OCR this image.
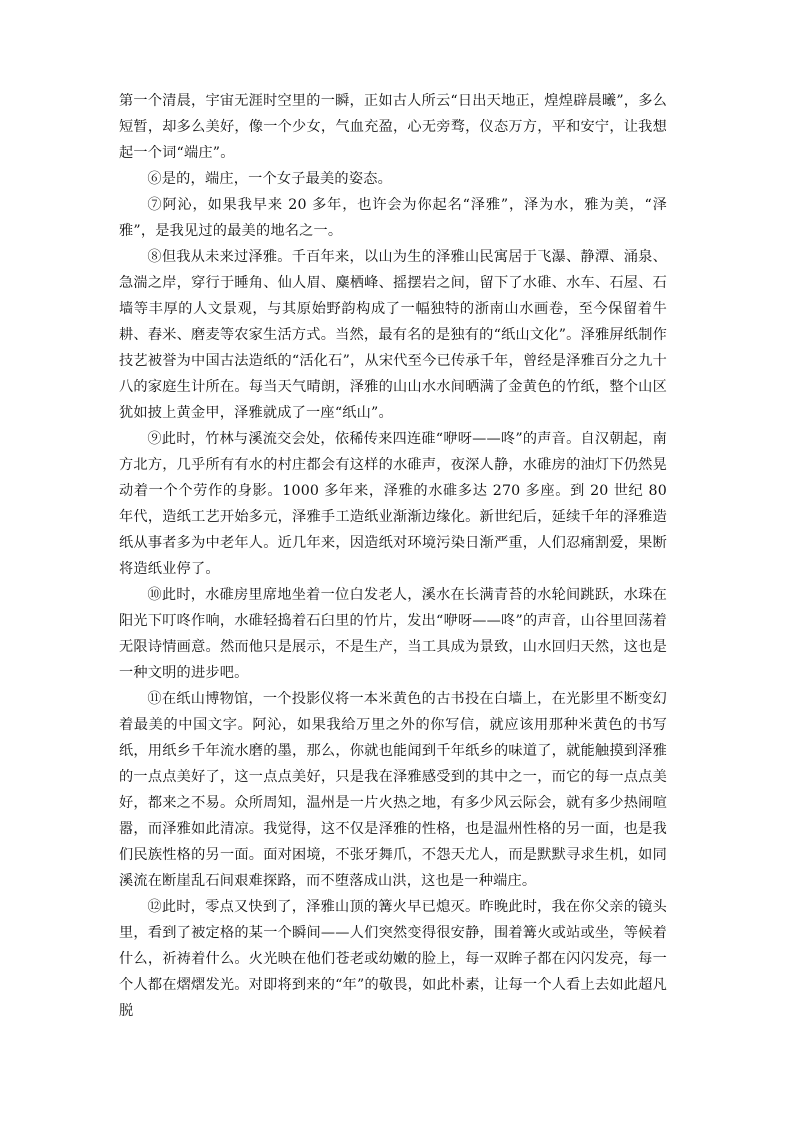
第一个清晨，宇宙无涯时空里的一瞬，正如古人所云“日出天地正，煌煌辟晨曦”，多么短暂，却多么美好，像一个少女，气血充盈，心无旁骛，仪态万方，平和安宁，让我想起一个词“端庄”。

⑥是的，端庄，一个女子最美的姿态。

⑦阿沁，如果我早来 20 多年，也许会为你起名“泽雅”，泽为水，雅为美，“泽雅”，是我见过的最美的地名之一。

⑧但我从未来过泽雅。千百年来，以山为生的泽雅山民寓居于飞瀑、静潭、涌泉、急湍之岸，穿行于睡角、仙人眉、麋栖峰、摇摆岩之间，留下了水碓、水车、石屋、石墙等丰厚的人文景观，与其原始野韵构成了一幅独特的浙南山水画卷，至今保留着牛耕、舂米、磨麦等农家生活方式。当然，最有名的是独有的“纸山文化”。泽雅屏纸制作技艺被誉为中国古法造纸的“活化石”，从宋代至今已传承千年，曾经是泽雅百分之九十八的家庭生计所在。每当天气晴朗，泽雅的山山水水间晒满了金黄色的竹纸，整个山区犹如披上黄金甲，泽雅就成了一座“纸山”。

⑨此时，竹林与溪流交会处，依稀传来四连碓“咿呀——咚”的声音。自汉朝起，南方北方，几乎所有有水的村庄都会有这样的水碓声，夜深人静，水碓房的油灯下仍然晃动着一个个劳作的身影。1000 多年来，泽雅的水碓多达 270 多座。到 20 世纪 80 年代，造纸工艺开始多元，泽雅手工造纸业渐渐边缘化。新世纪后，延续千年的泽雅造纸从事者多为中老年人。近几年来，因造纸对环境污染日渐严重，人们忍痛割爱，果断将造纸业停了。

⑩此时，水碓房里席地坐着一位白发老人，溪水在长满青苔的水轮间跳跃，水珠在阳光下叮咚作响，水碓轻捣着石臼里的竹片，发出“咿呀——咚”的声音，山谷里回荡着无限诗情画意。然而他只是展示，不是生产，当工具成为景致，山水回归天然，这也是一种文明的进步吧。

⑪在纸山博物馆，一个投影仪将一本米黄色的古书投在白墙上，在光影里不断变幻着最美的中国文字。阿沁，如果我给万里之外的你写信，就应该用那种米黄色的书写纸，用纸乡千年流水磨的墨，那么，你就也能闻到千年纸乡的味道了，就能触摸到泽雅的一点点美好了，这一点点美好，只是我在泽雅感受到的其中之一，而它的每一点点美好，都来之不易。众所周知，温州是一片火热之地，有多少风云际会，就有多少热闹喧嚣，而泽雅如此清凉。我觉得，这不仅是泽雅的性格，也是温州性格的另一面，也是我们民族性格的另一面。面对困境，不张牙舞爪，不怨天尤人，而是默默寻求生机，如同溪流在断崖乱石间艰难探路，而不堕落成山洪，这也是一种端庄。

⑫此时，零点又快到了，泽雅山顶的篝火早已熄灭。昨晚此时，我在你父亲的镜头里，看到了被定格的某一个瞬间——人们突然变得很安静，围着篝火或站或坐，等候着什么，祈祷着什么。火光映在他们苍老或幼嫩的脸上，每一双眸子都在闪闪发亮，每一个人都在熠熠发光。对即将到来的“年”的敬畏，如此朴素，让每一个人看上去如此超凡脱
